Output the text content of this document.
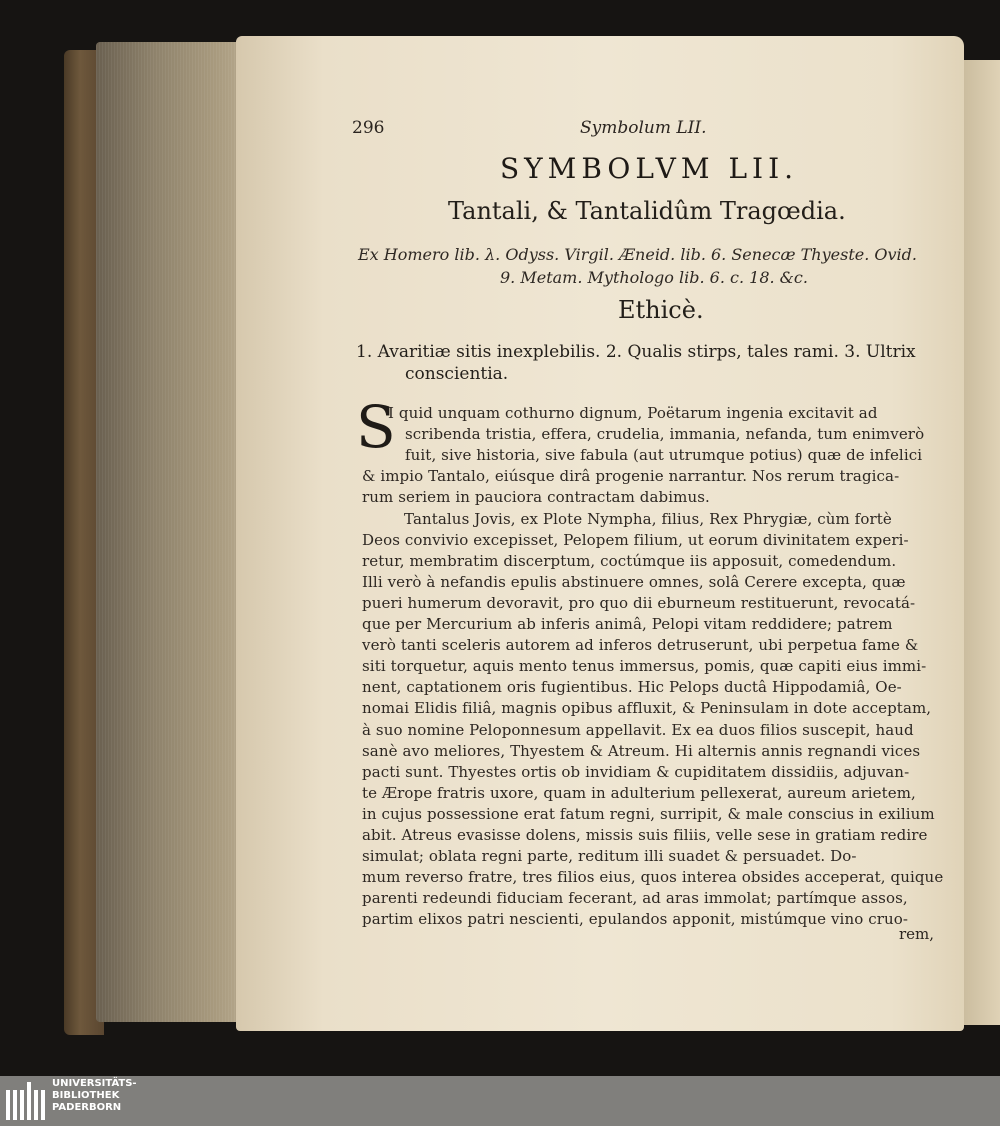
296	Symbolum LII.
SYMBOLVM LII.
Tantali, & Tantalidûm Tragœdia.
Ex Homero lib. λ. Odyss. Virgil. Æneid. lib. 6. Senecæ Thyeste. Ovid.
9. Metam. Mythologo lib. 6. c. 18. &c.
Ethicè.
1. Avaritiæ sitis inexplebilis. 2. Qualis stirps, tales rami. 3. Ultrix
conscientia.
S
I quid unquam cothurno dignum, Poëtarum ingenia excitavit ad
scribenda tristia, effera, crudelia, immania, nefanda, tum enimverò
fuit, sive historia, sive fabula (aut utrumque potius) quæ de infelici
& impio Tantalo, eiúsque dirâ progenie narrantur. Nos rerum tragica-
rum seriem in pauciora contractam dabimus.
Tantalus Jovis, ex Plote Nympha, filius, Rex Phrygiæ, cùm fortè
Deos convivio excepisset, Pelopem filium, ut eorum divinitatem experi-
retur, membratim discerptum, coctúmque iis apposuit, comedendum.
Illi verò à nefandis epulis abstinuere omnes, solâ Cerere excepta, quæ
pueri humerum devoravit, pro quo dii eburneum restituerunt, revocatá-
que per Mercurium ab inferis animâ, Pelopi vitam reddidere; patrem
verò tanti sceleris autorem ad inferos detruserunt, ubi perpetua fame &
siti torquetur, aquis mento tenus immersus, pomis, quæ capiti eius immi-
nent, captationem oris fugientibus. Hic Pelops ductâ Hippodamiâ, Oe-
nomai Elidis filiâ, magnis opibus affluxit, & Peninsulam in dote acceptam,
à suo nomine Peloponnesum appellavit. Ex ea duos filios suscepit, haud
sanè avo meliores, Thyestem & Atreum. Hi alternis annis regnandi vices
pacti sunt. Thyestes ortis ob invidiam & cupiditatem dissidiis, adjuvan-
te Ærope fratris uxore, quam in adulterium pellexerat, aureum arietem,
in cujus possessione erat fatum regni, surripit, & male conscius in exilium
abit. Atreus evasisse dolens, missis suis filiis, velle sese in gratiam redire
simulat; oblata regni parte, reditum illi suadet & persuadet. Do-
mum reverso fratre, tres filios eius, quos interea obsides acceperat, quique
parenti redeundi fiduciam fecerant, ad aras immolat; partímque assos,
partim elixos patri nescienti, epulandos apponit, mistúmque vino cruo-
rem,
UNIVERSITÄTS-
BIBLIOTHEK
PADERBORN
